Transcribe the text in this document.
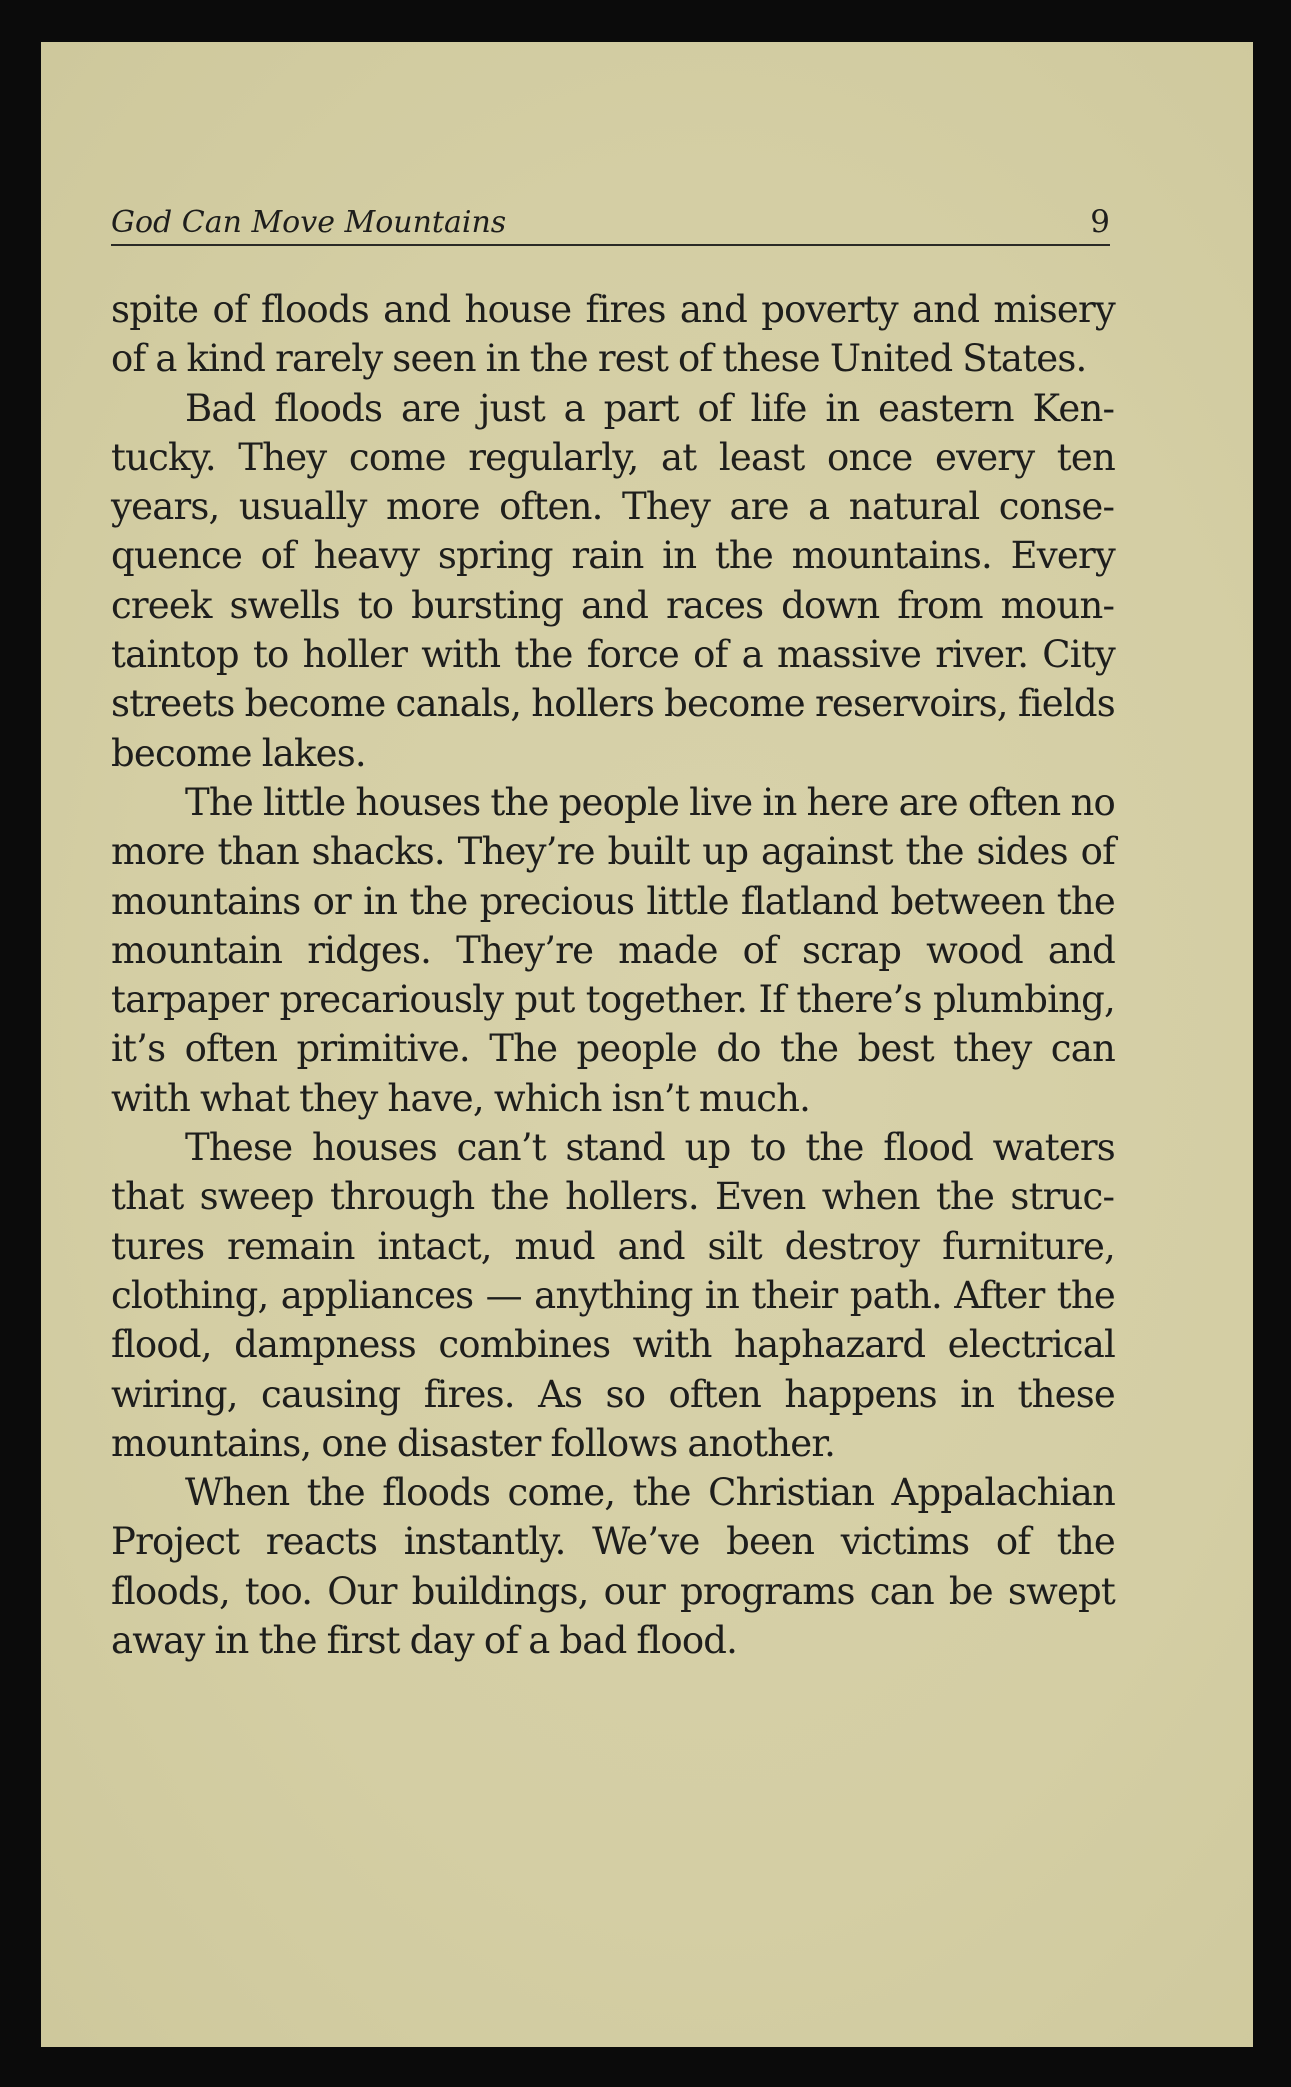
God Can Move Mountains	9

spite of floods and house fires and poverty and misery of a kind rarely seen in the rest of these United States.

Bad floods are just a part of life in eastern Kentucky. They come regularly, at least once every ten years, usually more often. They are a natural consequence of heavy spring rain in the mountains. Every creek swells to bursting and races down from mountaintop to holler with the force of a massive river. City streets become canals, hollers become reservoirs, fields become lakes.

The little houses the people live in here are often no more than shacks. They’re built up against the sides of mountains or in the precious little flatland between the mountain ridges. They’re made of scrap wood and tarpaper precariously put together. If there’s plumbing, it’s often primitive. The people do the best they can with what they have, which isn’t much.

These houses can’t stand up to the flood waters that sweep through the hollers. Even when the structures remain intact, mud and silt destroy furniture, clothing, appliances — anything in their path. After the flood, dampness combines with haphazard electrical wiring, causing fires. As so often happens in these mountains, one disaster follows another.

When the floods come, the Christian Appalachian Project reacts instantly. We’ve been victims of the floods, too. Our buildings, our programs can be swept away in the first day of a bad flood.
